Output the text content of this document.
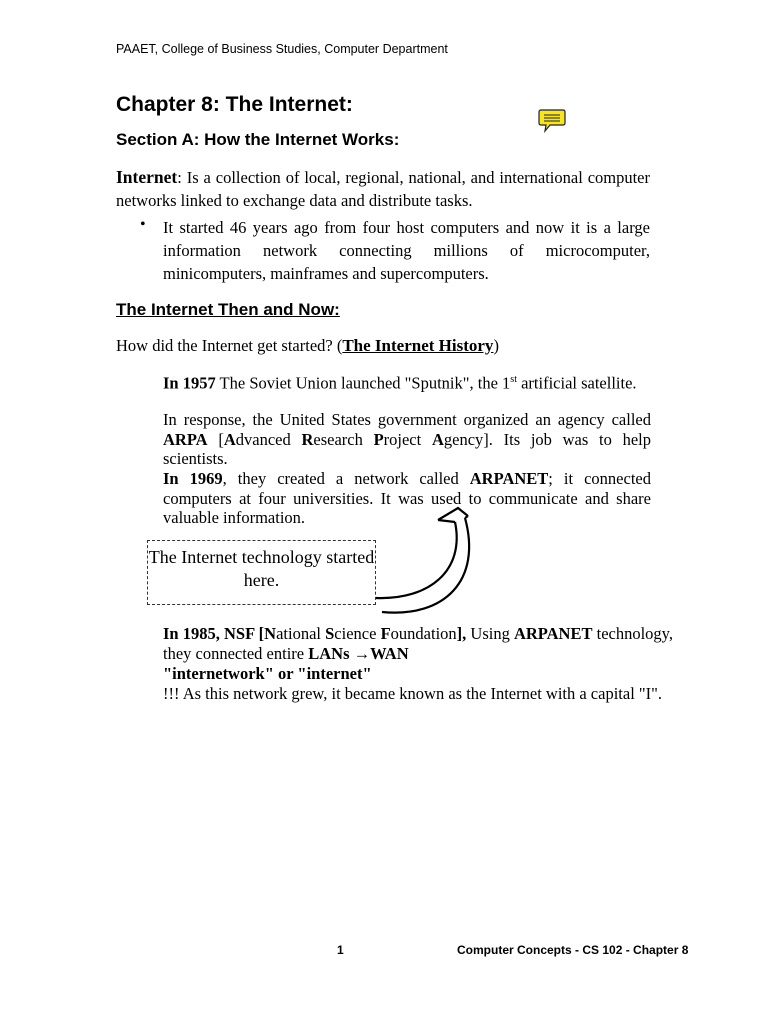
PAAET, College of Business Studies, Computer Department
Chapter 8: The Internet:
Section A: How the Internet Works:
Internet: Is a collection of local, regional, national, and international computer networks linked to exchange data and distribute tasks.
• It started 46 years ago from four host computers and now it is a large information network connecting millions of microcomputer, minicomputers, mainframes and supercomputers.
The Internet Then and Now:
How did the Internet get started? (The Internet History)
In 1957 The Soviet Union launched "Sputnik", the 1st artificial satellite.
In response, the United States government organized an agency called ARPA [Advanced Research Project Agency]. Its job was to help scientists.
In 1969, they created a network called ARPANET; it connected computers at four universities. It was used to communicate and share valuable information.
The Internet technology started here.
In 1985, NSF [National Science Foundation], Using ARPANET technology,
they connected entire LANs →WAN
"internetwork" or "internet"
!!! As this network grew, it became known as the Internet with a capital "I".
1	Computer Concepts - CS 102 - Chapter 8
